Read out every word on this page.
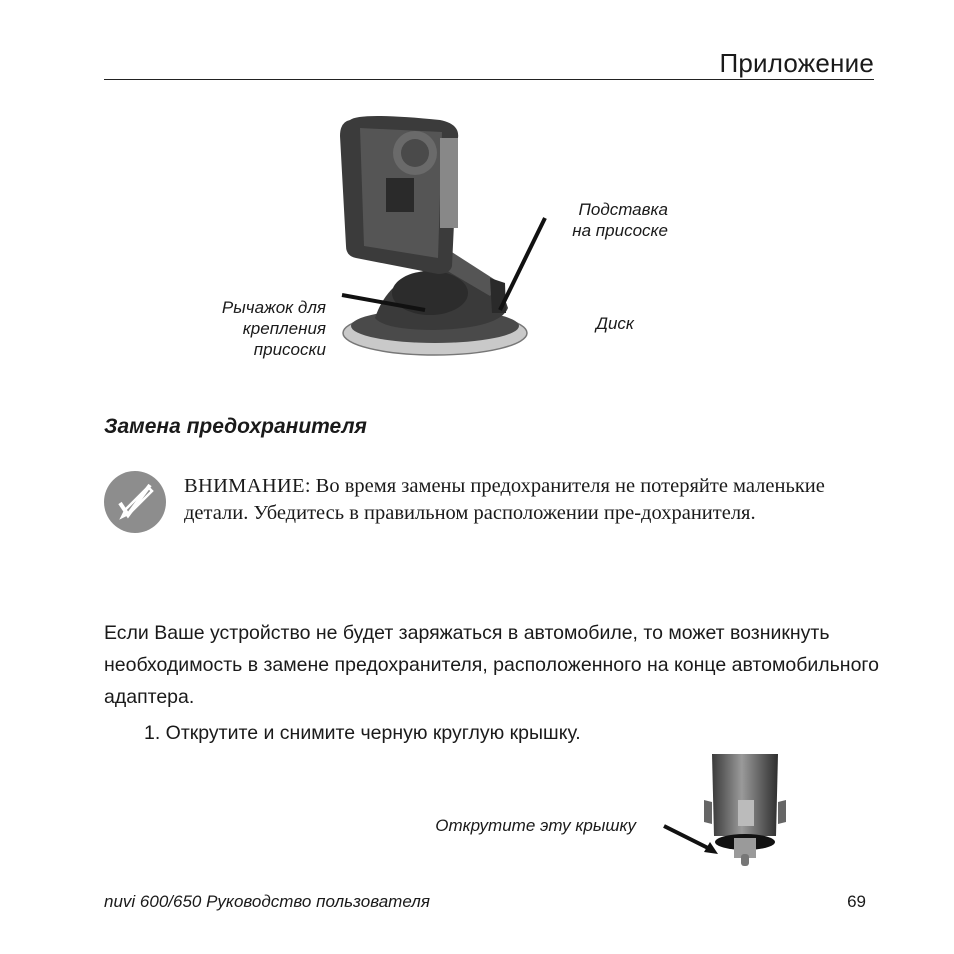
Приложение
Подставка
на присоске
Рычажок для
крепления
присоски
Диск
Замена предохранителя
ВНИМАНИЕ: Во время замены предохранителя не потеряйте маленькие детали. Убедитесь в правильном расположении пре-дохранителя.
Если Ваше устройство не будет заряжаться в автомобиле, то может возникнуть необходимость в замене предохранителя, расположенного на конце автомобильного адаптера.
1. Открутите и снимите черную круглую крышку.
Открутите эту крышку
nuvi 600/650 Руководство пользователя	69
